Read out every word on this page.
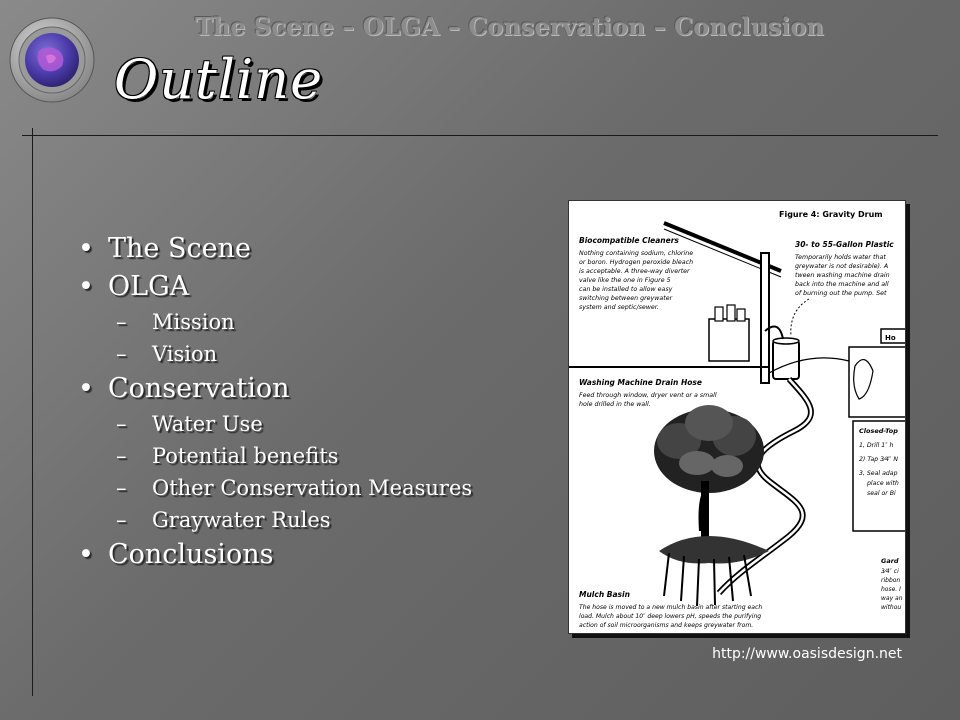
The Scene – OLGA – Conservation – Conclusion
Outline
• The Scene
• OLGA
– Mission
– Vision
• Conservation
– Water Use
– Potential benefits
– Other Conservation Measures
– Graywater Rules
• Conclusions
Figure 4: Gravity Drum
Biocompatible Cleaners
Nothing containing sodium, chlorine
or boron. Hydrogen peroxide bleach
is acceptable. A three-way diverter
valve like the one in Figure 5
can be installed to allow easy
switching between greywater
system and septic/sewer.
30- to 55-Gallon Plastic
Temporarily holds water that
greywater is not desirable). A
tween washing machine drain
back into the machine and all
of burning out the pump. Set
Ho
Closed-Top
1, Drill 1″ h
2) Tap 3⁄4″ N
3, Seal adap
place with
seal or Bi
Gard
3⁄4″ ci
ribbon
hose. I
way an
withou
Washing Machine Drain Hose
Feed through window, dryer vent or a small
hole drilled in the wall.
Mulch Basin
The hose is moved to a new mulch basin after starting each
load. Mulch about 10″ deep lowers pH, speeds the purifying
action of soil microorganisms and keeps greywater from.
http://www.oasisdesign.net
